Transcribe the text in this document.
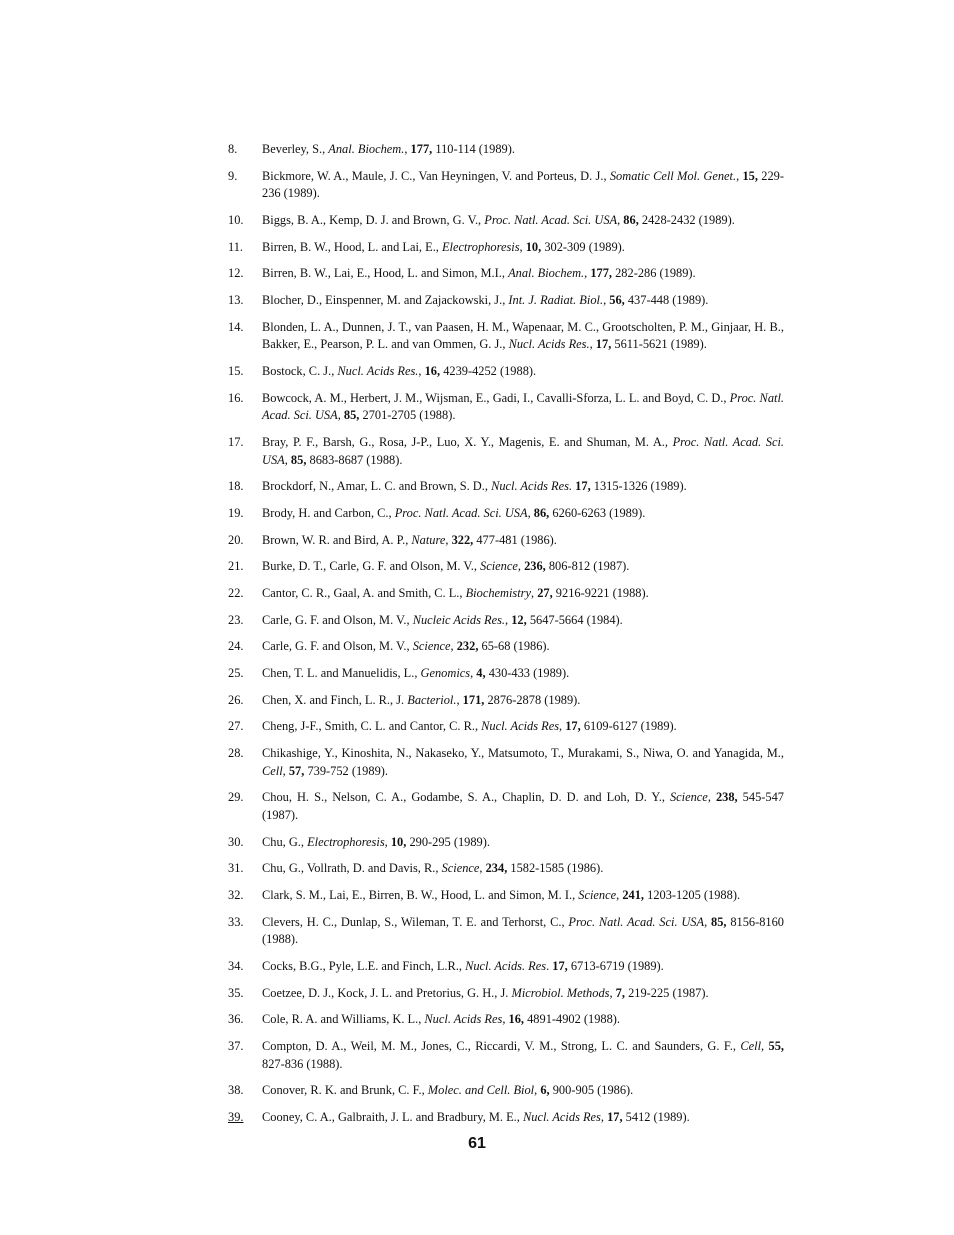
8. Beverley, S., Anal. Biochem., 177, 110-114 (1989).
9. Bickmore, W. A., Maule, J. C., Van Heyningen, V. and Porteus, D. J., Somatic Cell Mol. Genet., 15, 229-236 (1989).
10. Biggs, B. A., Kemp, D. J. and Brown, G. V., Proc. Natl. Acad. Sci. USA, 86, 2428-2432 (1989).
11. Birren, B. W., Hood, L. and Lai, E., Electrophoresis, 10, 302-309 (1989).
12. Birren, B. W., Lai, E., Hood, L. and Simon, M.I., Anal. Biochem., 177, 282-286 (1989).
13. Blocher, D., Einspenner, M. and Zajackowski, J., Int. J. Radiat. Biol., 56, 437-448 (1989).
14. Blonden, L. A., Dunnen, J. T., van Paasen, H. M., Wapenaar, M. C., Grootscholten, P. M., Ginjaar, H. B., Bakker, E., Pearson, P. L. and van Ommen, G. J., Nucl. Acids Res., 17, 5611-5621 (1989).
15. Bostock, C. J., Nucl. Acids Res., 16, 4239-4252 (1988).
16. Bowcock, A. M., Herbert, J. M., Wijsman, E., Gadi, I., Cavalli-Sforza, L. L. and Boyd, C. D., Proc. Natl. Acad. Sci. USA, 85, 2701-2705 (1988).
17. Bray, P. F., Barsh, G., Rosa, J-P., Luo, X. Y., Magenis, E. and Shuman, M. A., Proc. Natl. Acad. Sci. USA, 85, 8683-8687 (1988).
18. Brockdorf, N., Amar, L. C. and Brown, S. D., Nucl. Acids Res. 17, 1315-1326 (1989).
19. Brody, H. and Carbon, C., Proc. Natl. Acad. Sci. USA, 86, 6260-6263 (1989).
20. Brown, W. R. and Bird, A. P., Nature, 322, 477-481 (1986).
21. Burke, D. T., Carle, G. F. and Olson, M. V., Science, 236, 806-812 (1987).
22. Cantor, C. R., Gaal, A. and Smith, C. L., Biochemistry, 27, 9216-9221 (1988).
23. Carle, G. F. and Olson, M. V., Nucleic Acids Res., 12, 5647-5664 (1984).
24. Carle, G. F. and Olson, M. V., Science, 232, 65-68 (1986).
25. Chen, T. L. and Manuelidis, L., Genomics, 4, 430-433 (1989).
26. Chen, X. and Finch, L. R., J. Bacteriol., 171, 2876-2878 (1989).
27. Cheng, J-F., Smith, C. L. and Cantor, C. R., Nucl. Acids Res, 17, 6109-6127 (1989).
28. Chikashige, Y., Kinoshita, N., Nakaseko, Y., Matsumoto, T., Murakami, S., Niwa, O. and Yanagida, M., Cell, 57, 739-752 (1989).
29. Chou, H. S., Nelson, C. A., Godambe, S. A., Chaplin, D. D. and Loh, D. Y., Science, 238, 545-547 (1987).
30. Chu, G., Electrophoresis, 10, 290-295 (1989).
31. Chu, G., Vollrath, D. and Davis, R., Science, 234, 1582-1585 (1986).
32. Clark, S. M., Lai, E., Birren, B. W., Hood, L. and Simon, M. I., Science, 241, 1203-1205 (1988).
33. Clevers, H. C., Dunlap, S., Wileman, T. E. and Terhorst, C., Proc. Natl. Acad. Sci. USA, 85, 8156-8160 (1988).
34. Cocks, B.G., Pyle, L.E. and Finch, L.R., Nucl. Acids. Res. 17, 6713-6719 (1989).
35. Coetzee, D. J., Kock, J. L. and Pretorius, G. H., J. Microbiol. Methods, 7, 219-225 (1987).
36. Cole, R. A. and Williams, K. L., Nucl. Acids Res, 16, 4891-4902 (1988).
37. Compton, D. A., Weil, M. M., Jones, C., Riccardi, V. M., Strong, L. C. and Saunders, G. F., Cell, 55, 827-836 (1988).
38. Conover, R. K. and Brunk, C. F., Molec. and Cell. Biol, 6, 900-905 (1986).
39. Cooney, C. A., Galbraith, J. L. and Bradbury, M. E., Nucl. Acids Res, 17, 5412 (1989).
61
